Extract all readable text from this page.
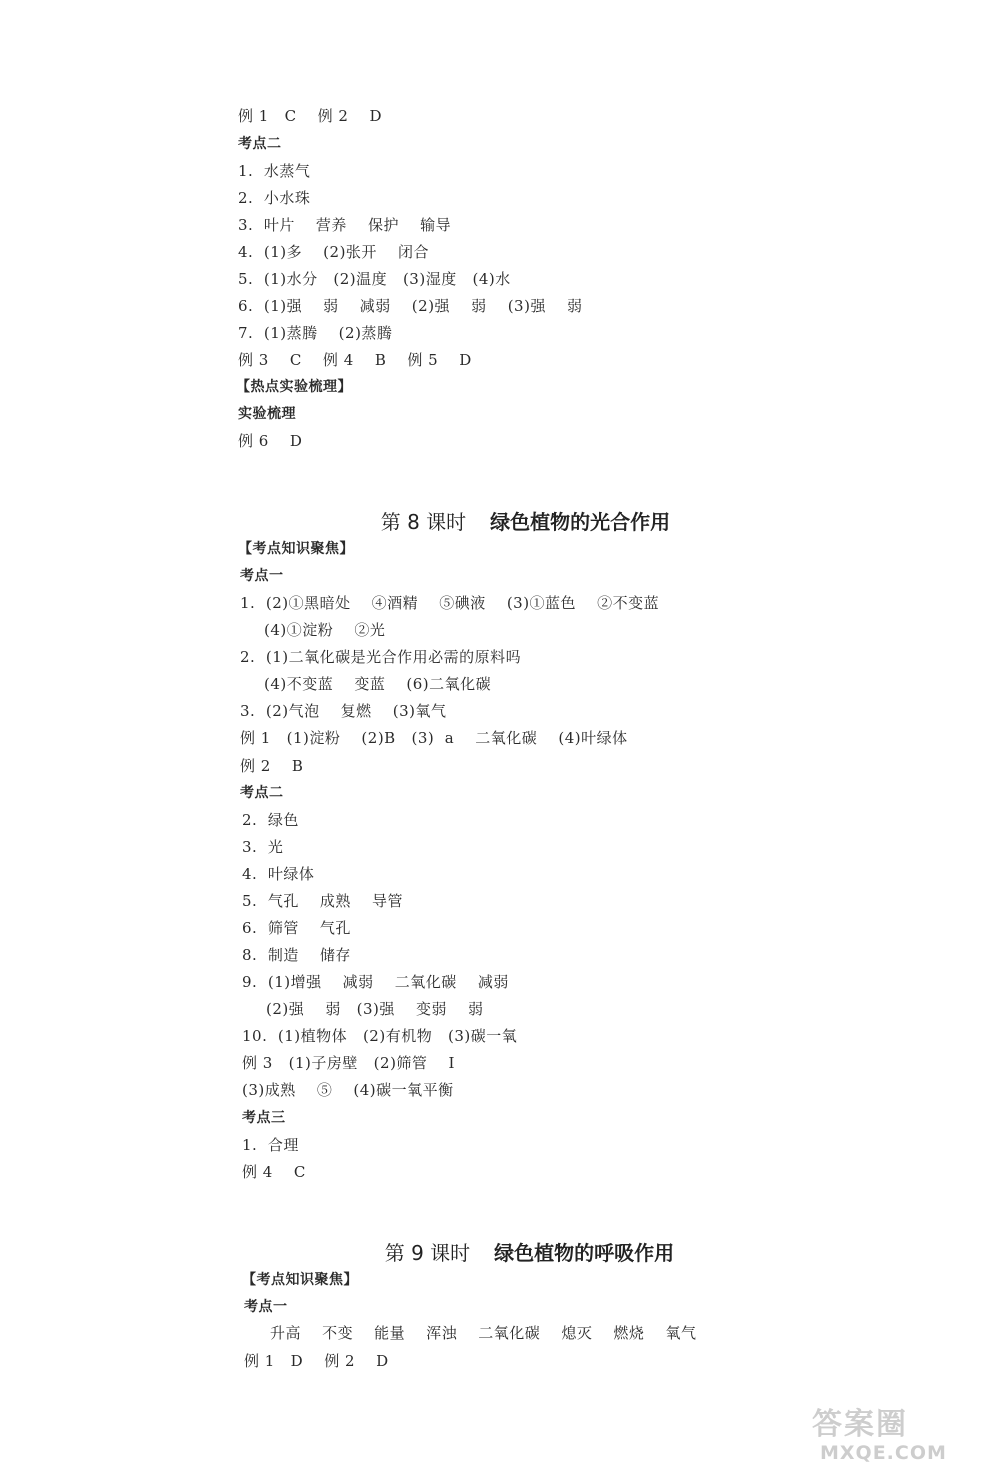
例 1   C    例 2    D
考点二
1.  水蒸气
2.  小水珠
3.  叶片    营养    保护    输导
4.  (1)多    (2)张开    闭合
5.  (1)水分   (2)温度   (3)湿度   (4)水
6.  (1)强    弱    减弱    (2)强    弱    (3)强    弱
7.  (1)蒸腾    (2)蒸腾
例 3    C    例 4    B    例 5    D
【热点实验梳理】
实验梳理
例 6    D

第 8 课时 绿色植物的光合作用

【考点知识聚焦】
考点一
1.  (2)①黑暗处    ④酒精    ⑤碘液    (3)①蓝色    ②不变蓝
(4)①淀粉    ②光
2.  (1)二氧化碳是光合作用必需的原料吗
(4)不变蓝    变蓝    (6)二氧化碳
3.  (2)气泡    复燃    (3)氧气
例 1   (1)淀粉    (2)B   (3)  a    二氧化碳    (4)叶绿体
例 2    B
考点二
2.  绿色
3.  光
4.  叶绿体
5.  气孔    成熟    导管
6.  筛管    气孔
8.  制造    储存
9.  (1)增强    减弱    二氧化碳    减弱
(2)强    弱   (3)强    变弱    弱
10.  (1)植物体   (2)有机物   (3)碳一氧
例 3   (1)子房壁   (2)筛管    Ⅰ
(3)成熟    ⑤    (4)碳一氧平衡
考点三
1.  合理
例 4    C

第 9 课时 绿色植物的呼吸作用

【考点知识聚焦】
考点一
升高    不变    能量    浑浊    二氧化碳    熄灭    燃烧    氧气
例 1   D    例 2    D
答案圈
MXQE.COM
